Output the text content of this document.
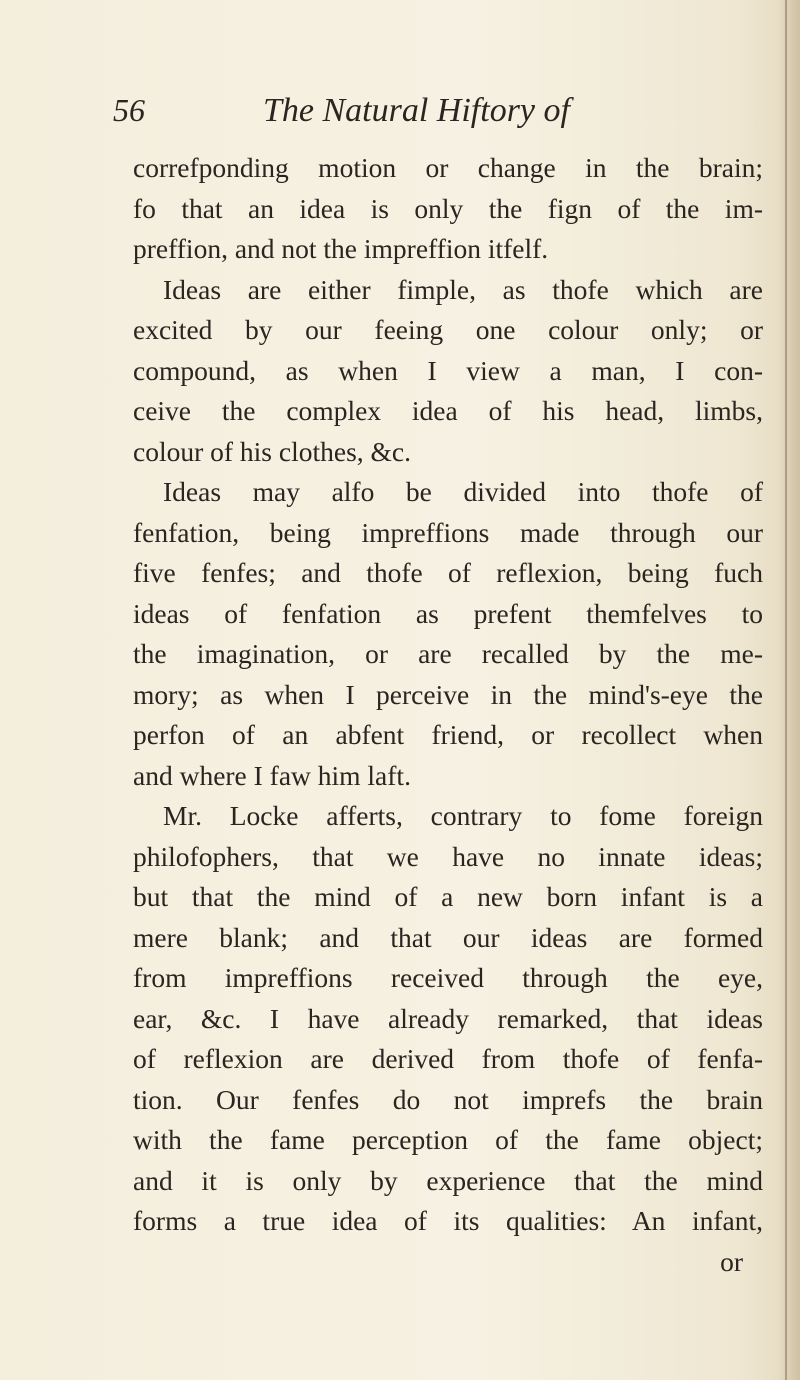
56	The Natural Hiftory of
correfponding motion or change in the brain;
fo that an idea is only the fign of the im-
preffion, and not the impreffion itfelf.
Ideas are either fimple, as thofe which are
excited by our feeing one colour only; or
compound, as when I view a man, I con-
ceive the complex idea of his head, limbs,
colour of his clothes, &c.
Ideas may alfo be divided into thofe of
fenfation, being impreffions made through our
five fenfes; and thofe of reflexion, being fuch
ideas of fenfation as prefent themfelves to
the imagination, or are recalled by the me-
mory; as when I perceive in the mind's-eye the
perfon of an abfent friend, or recollect when
and where I faw him laft.
Mr. Locke afferts, contrary to fome foreign
philofophers, that we have no innate ideas;
but that the mind of a new born infant is a
mere blank; and that our ideas are formed
from impreffions received through the eye,
ear, &c. I have already remarked, that ideas
of reflexion are derived from thofe of fenfa-
tion. Our fenfes do not imprefs the brain
with the fame perception of the fame object;
and it is only by experience that the mind
forms a true idea of its qualities: An infant,
or
